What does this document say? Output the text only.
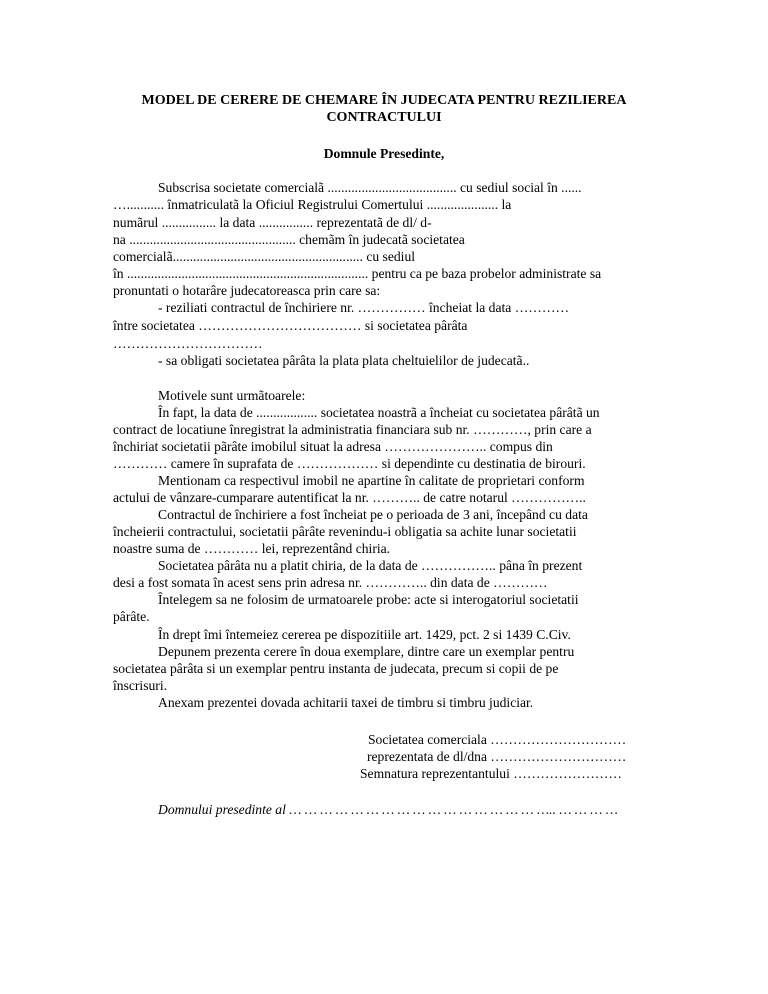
MODEL DE CERERE DE CHEMARE ÎN JUDECATA PENTRU REZILIEREA
CONTRACTULUI
Domnule Presedinte,
Subscrisa societate comercialã ...................................... cu sediul social în ......
…........... înmatriculatã la Oficiul Registrului Comertului ..................... la
numãrul ................ la data ................ reprezentatã de dl/ d-
na ................................................. chemãm în judecatã societatea
comercialã........................................................ cu sediul
în ....................................................................... pentru ca pe baza probelor administrate sa
pronuntati o hotarâre judecatoreasca prin care sa:
- reziliati contractul de închiriere nr. …………… încheiat la data …………
între societatea ……………………………… si societatea pârâta
……………………………
- sa obligati societatea pârâta la plata plata cheltuielilor de judecatã..
Motivele sunt urmãtoarele:
În fapt, la data de .................. societatea noastrã a încheiat cu societatea pârâtã un
contract de locatiune înregistrat la administratia financiara sub nr. …………, prin care a
închiriat societatii pãrâte imobilul situat la adresa ………………….. compus din
………… camere în suprafata de ……………… si dependinte cu destinatia de birouri.
Mentionam ca respectivul imobil ne apartine în calitate de proprietari conform
actului de vânzare-cumparare autentificat la nr. ……….. de catre notarul ……………..
Contractul de închiriere a fost încheiat pe o perioada de 3 ani, începând cu data
încheierii contractului, societatii pârâte revenindu-i obligatia sa achite lunar societatii
noastre suma de ………… lei, reprezentând chiria.
Societatea pârâta nu a platit chiria, de la data de …………….. pâna în prezent
desi a fost somata în acest sens prin adresa nr. ………….. din data de …………
Întelegem sa ne folosim de urmatoarele probe: acte si interogatoriul societatii
pârâte.
În drept îmi întemeiez cererea pe dispozitiile art. 1429, pct. 2 si 1439 C.Civ.
Depunem prezenta cerere în doua exemplare, dintre care un exemplar pentru
societatea pârâta si un exemplar pentru instanta de judecata, precum si copii de pe
înscrisuri.
Anexam prezentei dovada achitarii taxei de timbru si timbru judiciar.
Societatea comerciala …………………………
reprezentata de dl/dna …………………………
Semnatura reprezentantului ……………………
Domnului presedinte al … … … … … … … … … … … … … … … … ….. … … … …
